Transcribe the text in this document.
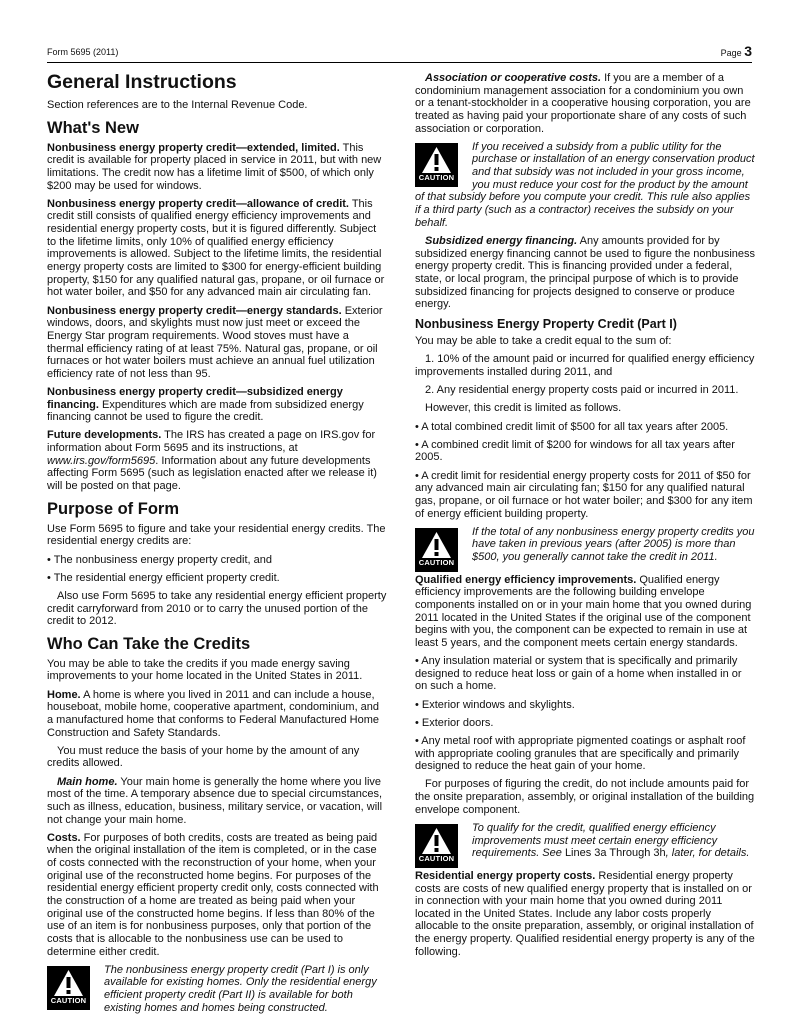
Form 5695 (2011)	Page 3
General Instructions

Section references are to the Internal Revenue Code.

What's New

Nonbusiness energy property credit—extended, limited. This credit is available for property placed in service in 2011, but with new limitations. The credit now has a lifetime limit of $500, of which only $200 may be used for windows.

Nonbusiness energy property credit—allowance of credit. This credit still consists of qualified energy efficiency improvements and residential energy property costs, but it is figured differently. Subject to the lifetime limits, only 10% of qualified energy efficiency improvements is allowed. Subject to the lifetime limits, the residential energy property costs are limited to $300 for energy-efficient building property, $150 for any qualified natural gas, propane, or oil furnace or hot water boiler, and $50 for any advanced main air circulating fan.

Nonbusiness energy property credit—energy standards. Exterior windows, doors, and skylights must now just meet or exceed the Energy Star program requirements. Wood stoves must have a thermal efficiency rating of at least 75%. Natural gas, propane, or oil furnaces or hot water boilers must achieve an annual fuel utilization efficiency rate of not less than 95.

Nonbusiness energy property credit—subsidized energy financing. Expenditures which are made from subsidized energy financing cannot be used to figure the credit.

Future developments. The IRS has created a page on IRS.gov for information about Form 5695 and its instructions, at www.irs.gov/form5695. Information about any future developments affecting Form 5695 (such as legislation enacted after we release it) will be posted on that page.

Purpose of Form

Use Form 5695 to figure and take your residential energy credits. The residential energy credits are:

• The nonbusiness energy property credit, and

• The residential energy efficient property credit.

Also use Form 5695 to take any residential energy efficient property credit carryforward from 2010 or to carry the unused portion of the credit to 2012.

Who Can Take the Credits

You may be able to take the credits if you made energy saving improvements to your home located in the United States in 2011.

Home. A home is where you lived in 2011 and can include a house, houseboat, mobile home, cooperative apartment, condominium, and a manufactured home that conforms to Federal Manufactured Home Construction and Safety Standards.

You must reduce the basis of your home by the amount of any credits allowed.

Main home. Your main home is generally the home where you live most of the time. A temporary absence due to special circumstances, such as illness, education, business, military service, or vacation, will not change your main home.

Costs. For purposes of both credits, costs are treated as being paid when the original installation of the item is completed, or in the case of costs connected with the reconstruction of your home, when your original use of the reconstructed home begins. For purposes of the residential energy efficient property credit only, costs connected with the construction of a home are treated as being paid when your original use of the constructed home begins. If less than 80% of the use of an item is for nonbusiness purposes, only that portion of the costs that is allocable to the nonbusiness use can be used to determine either credit.

CAUTION

The nonbusiness energy property credit (Part I) is only available for existing homes. Only the residential energy efficient property credit (Part II) is available for both existing homes and homes being constructed.

Association or cooperative costs. If you are a member of a condominium management association for a condominium you own or a tenant-stockholder in a cooperative housing corporation, you are treated as having paid your proportionate share of any costs of such association or corporation.

CAUTION

If you received a subsidy from a public utility for the purchase or installation of an energy conservation product and that subsidy was not included in your gross income, you must reduce your cost for the product by the amount of that subsidy before you compute your credit. This rule also applies if a third party (such as a contractor) receives the subsidy on your behalf.

Subsidized energy financing. Any amounts provided for by subsidized energy financing cannot be used to figure the nonbusiness energy property credit. This is financing provided under a federal, state, or local program, the principal purpose of which is to provide subsidized financing for projects designed to conserve or produce energy.

Nonbusiness Energy Property Credit (Part I)

You may be able to take a credit equal to the sum of:

1. 10% of the amount paid or incurred for qualified energy efficiency improvements installed during 2011, and

2. Any residential energy property costs paid or incurred in 2011.

However, this credit is limited as follows.

• A total combined credit limit of $500 for all tax years after 2005.

• A combined credit limit of $200 for windows for all tax years after 2005.

• A credit limit for residential energy property costs for 2011 of $50 for any advanced main air circulating fan; $150 for any qualified natural gas, propane, or oil furnace or hot water boiler; and $300 for any item of energy efficient building property.

CAUTION

If the total of any nonbusiness energy property credits you have taken in previous years (after 2005) is more than $500, you generally cannot take the credit in 2011.

Qualified energy efficiency improvements. Qualified energy efficiency improvements are the following building envelope components installed on or in your main home that you owned during 2011 located in the United States if the original use of the component begins with you, the component can be expected to remain in use at least 5 years, and the component meets certain energy standards.

• Any insulation material or system that is specifically and primarily designed to reduce heat loss or gain of a home when installed in or on such a home.

• Exterior windows and skylights.

• Exterior doors.

• Any metal roof with appropriate pigmented coatings or asphalt roof with appropriate cooling granules that are specifically and primarily designed to reduce the heat gain of your home.

For purposes of figuring the credit, do not include amounts paid for the onsite preparation, assembly, or original installation of the building envelope component.

CAUTION

To qualify for the credit, qualified energy efficiency improvements must meet certain energy efficiency requirements. See Lines 3a Through 3h, later, for details.

Residential energy property costs. Residential energy property costs are costs of new qualified energy property that is installed on or in connection with your main home that you owned during 2011 located in the United States. Include any labor costs properly allocable to the onsite preparation, assembly, or original installation of the energy property. Qualified residential energy property is any of the following.
